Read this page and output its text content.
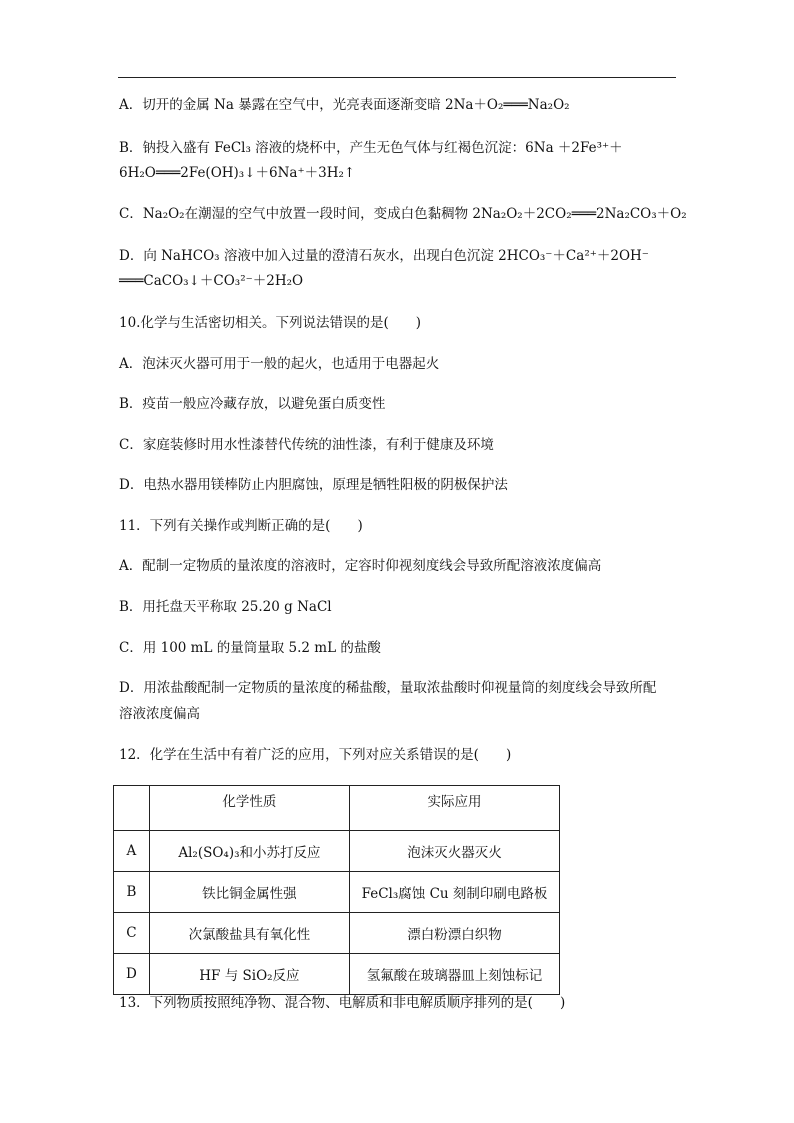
A．切开的金属 Na 暴露在空气中，光亮表面逐渐变暗 2Na＋O₂═══Na₂O₂
B．钠投入盛有 FeCl₃ 溶液的烧杯中，产生无色气体与红褐色沉淀：6Na ＋2Fe³⁺＋
6H₂O═══2Fe(OH)₃↓＋6Na⁺＋3H₂↑
C．Na₂O₂在潮湿的空气中放置一段时间，变成白色黏稠物 2Na₂O₂＋2CO₂═══2Na₂CO₃＋O₂
D．向 NaHCO₃ 溶液中加入过量的澄清石灰水，出现白色沉淀 2HCO₃⁻＋Ca²⁺＋2OH⁻
═══CaCO₃↓＋CO₃²⁻＋2H₂O
10.化学与生活密切相关。下列说法错误的是(　　)
A．泡沫灭火器可用于一般的起火，也适用于电器起火
B．疫苗一般应冷藏存放，以避免蛋白质变性
C．家庭装修时用水性漆替代传统的油性漆，有利于健康及环境
D．电热水器用镁棒防止内胆腐蚀，原理是牺牲阳极的阴极保护法
11．下列有关操作或判断正确的是(　　)
A．配制一定物质的量浓度的溶液时，定容时仰视刻度线会导致所配溶液浓度偏高
B．用托盘天平称取 25.20 g NaCl
C．用 100 mL 的量筒量取 5.2 mL 的盐酸
D．用浓盐酸配制一定物质的量浓度的稀盐酸，量取浓盐酸时仰视量筒的刻度线会导致所配
溶液浓度偏高
12．化学在生活中有着广泛的应用，下列对应关系错误的是(　　)
	化学性质	实际应用
A	Al₂(SO₄)₃和小苏打反应	泡沫灭火器灭火
B	铁比铜金属性强	FeCl₃腐蚀 Cu 刻制印刷电路板
C	次氯酸盐具有氧化性	漂白粉漂白织物
D	HF 与 SiO₂反应	氢氟酸在玻璃器皿上刻蚀标记
13．下列物质按照纯净物、混合物、电解质和非电解质顺序排列的是(　　)
